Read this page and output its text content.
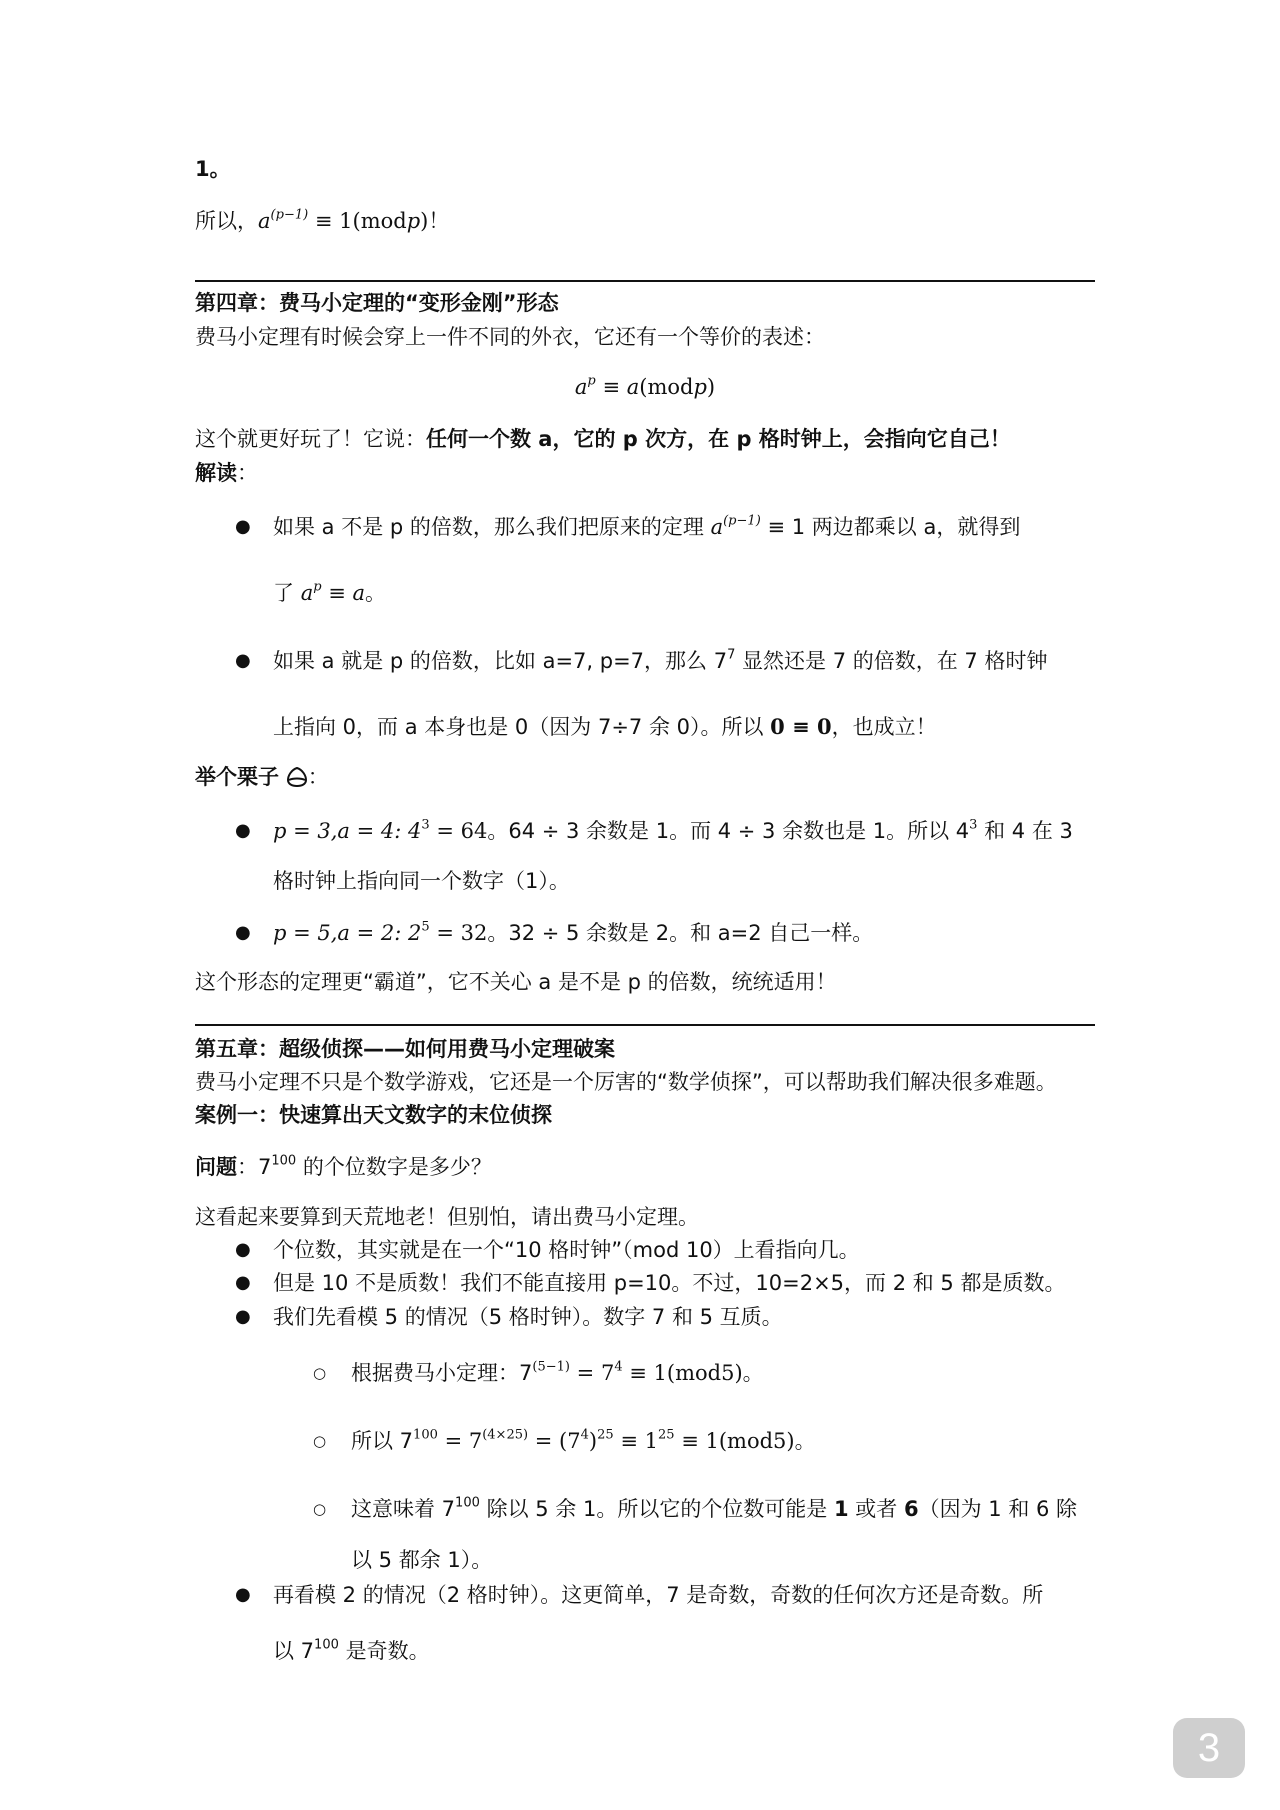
1。
所以，$a^{(p-1)}$ ≡ 1(modp)！
第四章：费马小定理的“变形金刚”形态
费马小定理有时候会穿上一件不同的外衣，它还有一个等价的表述：
$a^p$ ≡ a(modp)
这个就更好玩了！它说：任何一个数 a，它的 p 次方，在 p 格时钟上，会指向它自己！
解读：
● 如果 a 不是 p 的倍数，那么我们把原来的定理 $a^{(p-1)} \equiv 1$ 两边都乘以 a，就得到
了 $a^p \equiv a$。
● 如果 a 就是 p 的倍数，比如 a=7, p=7，那么 $7^7$ 显然还是 7 的倍数，在 7 格时钟
上指向 0，而 a 本身也是 0（因为 7÷7 余 0）。所以 0 ≡ 0，也成立！
举个栗子 ：
● p = 3,a = 4: $4^3 = 64$。64 ÷ 3 余数是 1。而 4 ÷ 3 余数也是 1。所以 $4^3$ 和 4 在 3
格时钟上指向同一个数字（1）。
● p = 5,a = 2: $2^5 = 32$。32 ÷ 5 余数是 2。和 a=2 自己一样。
这个形态的定理更“霸道”，它不关心 a 是不是 p 的倍数，统统适用！
第五章：超级侦探——如何用费马小定理破案
费马小定理不只是个数学游戏，它还是一个厉害的“数学侦探”，可以帮助我们解决很多难题。
案例一：快速算出天文数字的末位侦探
问题：$7^{100}$ 的个位数字是多少？
这看起来要算到天荒地老！但别怕，请出费马小定理。
● 个位数，其实就是在一个“10 格时钟”（mod 10）上看指向几。
● 但是 10 不是质数！我们不能直接用 p=10。不过，10=2×5，而 2 和 5 都是质数。
● 我们先看模 5 的情况（5 格时钟）。数字 7 和 5 互质。
○ 根据费马小定理：$7^{(5-1)} = 7^4 \equiv 1(mod5)$。
○ 所以 $7^{100} = 7^{(4\times 25)} = (7^4)^{25} \equiv 1^{25} \equiv 1(mod5)$。
○ 这意味着 $7^{100}$ 除以 5 余 1。所以它的个位数可能是 1 或者 6（因为 1 和 6 除
以 5 都余 1）。
● 再看模 2 的情况（2 格时钟）。这更简单，7 是奇数，奇数的任何次方还是奇数。所
以 $7^{100}$ 是奇数。
3
